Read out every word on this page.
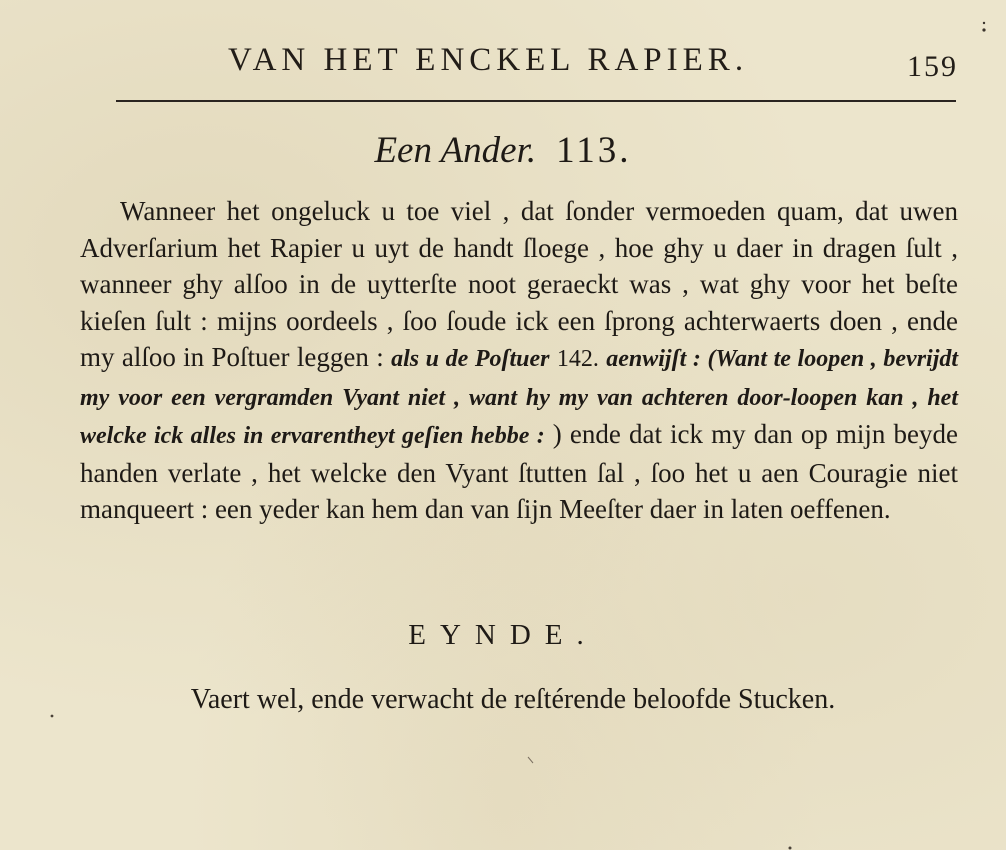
VAN HET ENCKEL RAPIER.	159
Een Ander. 113.

Wanneer het ongeluck u toe viel , dat ſonder vermoeden quam, dat uwen Adverſarium het Rapier u uyt de handt ſloege , hoe ghy u daer in dragen ſult , wanneer ghy alſoo in de uytterſte noot geraeckt was , wat ghy voor het beſte kieſen ſult : mijns oordeels , ſoo ſoude ick een ſprong achterwaerts doen , ende my alſoo in Poſtuer leggen : als u de Poſtuer 142. aenwijſt : (Want te loopen , bevrijdt my voor een vergramden Vyant niet , want hy my van achteren door-loopen kan , het welcke ick alles in ervarentheyt geſien hebbe : ) ende dat ick my dan op mijn beyde handen verlate , het welcke den Vyant ſtutten ſal , ſoo het u aen Couragie niet manqueert : een yeder kan hem dan van ſijn Meeſter daer in laten oeffenen.

EYNDE.
Vaert wel, ende verwacht de reſtérende beloofde Stucken.
